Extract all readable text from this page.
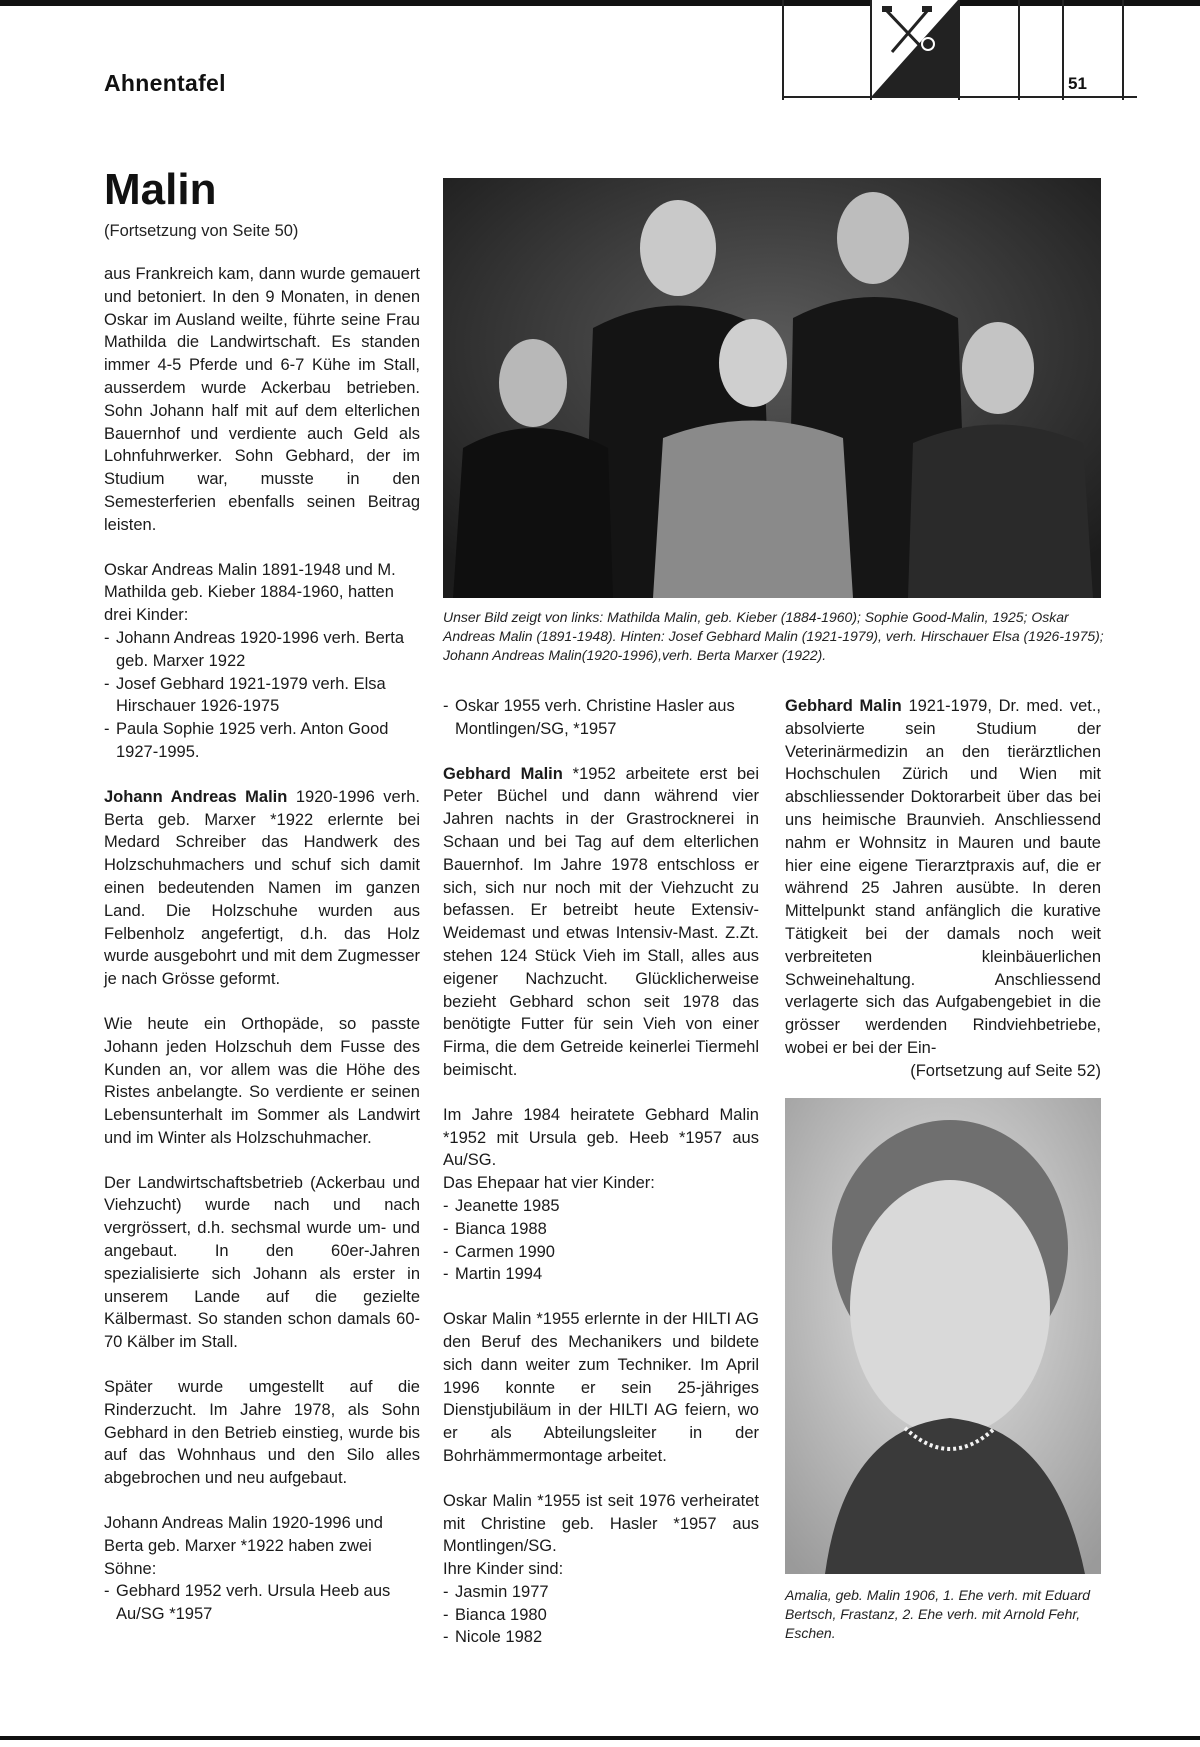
Ahnentafel	51
Malin

(Fortsetzung von Seite 50)

aus Frankreich kam, dann wurde gemauert und betoniert. In den 9 Monaten, in denen Oskar im Ausland weilte, führte seine Frau Mathilda die Landwirtschaft. Es standen immer 4-5 Pferde und 6-7 Kühe im Stall, ausserdem wurde Ackerbau betrieben. Sohn Johann half mit auf dem elterlichen Bauernhof und verdiente auch Geld als Lohnfuhrwerker. Sohn Gebhard, der im Studium war, musste in den Semesterferien ebenfalls seinen Beitrag leisten.

Oskar Andreas Malin 1891-1948 und M. Mathilda geb. Kieber 1884-1960, hatten drei Kinder:

- Johann Andreas 1920-1996 verh. Berta geb. Marxer 1922
- Josef Gebhard 1921-1979 verh. Elsa Hirschauer 1926-1975
- Paula Sophie 1925 verh. Anton Good 1927-1995.

Johann Andreas Malin 1920-1996 verh. Berta geb. Marxer *1922 erlernte bei Medard Schreiber das Handwerk des Holzschuhmachers und schuf sich damit einen bedeutenden Namen im ganzen Land. Die Holzschuhe wurden aus Felbenholz angefertigt, d.h. das Holz wurde ausgebohrt und mit dem Zugmesser je nach Grösse geformt.

Wie heute ein Orthopäde, so passte Johann jeden Holzschuh dem Fusse des Kunden an, vor allem was die Höhe des Ristes anbelangte. So verdiente er seinen Lebensunterhalt im Sommer als Landwirt und im Winter als Holzschuhmacher.

Der Landwirtschaftsbetrieb (Ackerbau und Viehzucht) wurde nach und nach vergrössert, d.h. sechsmal wurde um- und angebaut. In den 60er-Jahren spezialisierte sich Johann als erster in unserem Lande auf die gezielte Kälbermast. So standen schon damals 60-70 Kälber im Stall.

Später wurde umgestellt auf die Rinderzucht. Im Jahre 1978, als Sohn Gebhard in den Betrieb einstieg, wurde bis auf das Wohnhaus und den Silo alles abgebrochen und neu aufgebaut.

Johann Andreas Malin 1920-1996 und Berta geb. Marxer *1922 haben zwei Söhne:

- Gebhard 1952 verh. Ursula Heeb aus Au/SG *1957
Unser Bild zeigt von links: Mathilda Malin, geb. Kieber (1884-1960); Sophie Good-Malin, 1925; Oskar Andreas Malin (1891-1948). Hinten: Josef Gebhard Malin (1921-1979), verh. Hirschauer Elsa (1926-1975); Johann Andreas Malin(1920-1996),verh. Berta Marxer (1922).
- Oskar 1955 verh. Christine Hasler aus Montlingen/SG, *1957

Gebhard Malin *1952 arbeitete erst bei Peter Büchel und dann während vier Jahren nachts in der Grastrocknerei in Schaan und bei Tag auf dem elterlichen Bauernhof. Im Jahre 1978 entschloss er sich, sich nur noch mit der Viehzucht zu befassen. Er betreibt heute Extensiv-Weidemast und etwas Intensiv-Mast. Z.Zt. stehen 124 Stück Vieh im Stall, alles aus eigener Nachzucht. Glücklicherweise bezieht Gebhard schon seit 1978 das benötigte Futter für sein Vieh von einer Firma, die dem Getreide keinerlei Tiermehl beimischt.

Im Jahre 1984 heiratete Gebhard Malin *1952 mit Ursula geb. Heeb *1957 aus Au/SG.

Das Ehepaar hat vier Kinder:

- Jeanette 1985
- Bianca 1988
- Carmen 1990
- Martin 1994

Oskar Malin *1955 erlernte in der HILTI AG den Beruf des Mechanikers und bildete sich dann weiter zum Techniker. Im April 1996 konnte er sein 25-jähriges Dienstjubiläum in der HILTI AG feiern, wo er als Abteilungsleiter in der Bohrhämmermontage arbeitet.

Oskar Malin *1955 ist seit 1976 verheiratet mit Christine geb. Hasler *1957 aus Montlingen/SG.

Ihre Kinder sind:

- Jasmin 1977
- Bianca 1980
- Nicole 1982

Gebhard Malin 1921-1979, Dr. med. vet., absolvierte sein Studium der Veterinärmedizin an den tierärztlichen Hochschulen Zürich und Wien mit abschliessender Doktorarbeit über das bei uns heimische Braunvieh. Anschliessend nahm er Wohnsitz in Mauren und baute hier eine eigene Tierarztpraxis auf, die er während 25 Jahren ausübte. In deren Mittelpunkt stand anfänglich die kurative Tätigkeit bei der damals noch weit verbreiteten kleinbäuerlichen Schweinehaltung. Anschliessend verlagerte sich das Aufgabengebiet in die grösser werdenden Rindviehbetriebe, wobei er bei der Ein-

(Fortsetzung auf Seite 52)

Amalia, geb. Malin 1906, 1. Ehe verh. mit Eduard Bertsch, Frastanz, 2. Ehe verh. mit Arnold Fehr, Eschen.
